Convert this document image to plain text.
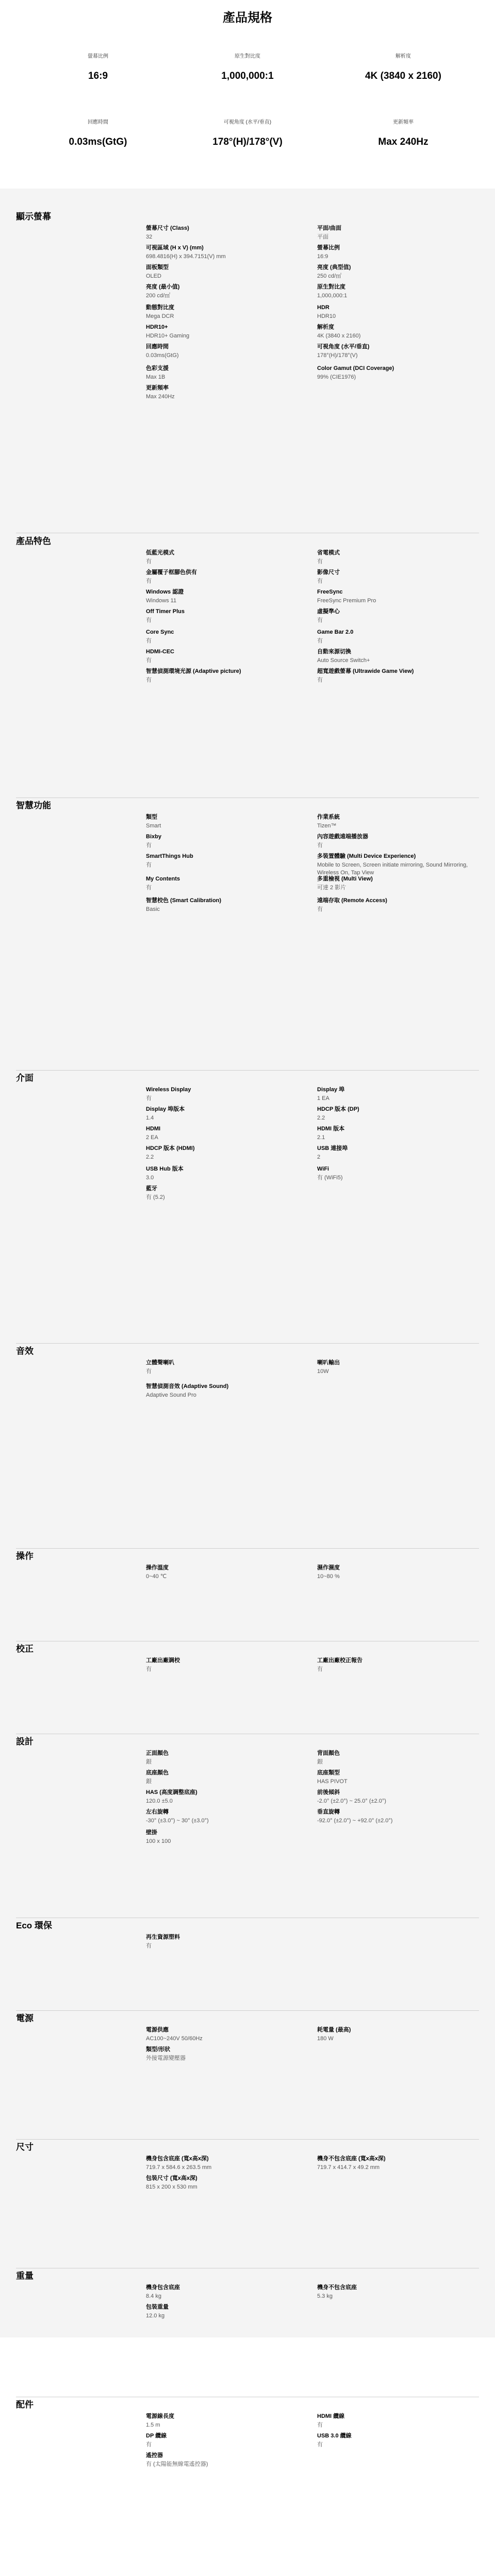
產品規格
螢幕比例
16:9
原生對比度
1,000,000:1
解析度
4K (3840 x 2160)
回應時間
0.03ms(GtG)
可視角度 (水平/垂直)
178°(H)/178°(V)
更新頻率
Max 240Hz
顯示螢幕
螢幕尺寸 (Class)
32
平面/曲面
平面
可視區域 (H x V) (mm)
698.4816(H) x 394.7151(V) mm
螢幕比例
16:9
面板類型
OLED
亮度 (典型值)
250 cd/㎡
亮度 (最小值)
200 cd/㎡
原生對比度
1,000,000:1
動態對比度
Mega DCR
HDR
HDR10
HDR10+
HDR10+ Gaming
解析度
4K (3840 x 2160)
回應時間
0.03ms(GtG)
可視角度 (水平/垂直)
178°(H)/178°(V)
色彩支援
Max 1B
Color Gamut (DCI Coverage)
99% (CIE1976)
更新頻率
Max 240Hz
產品特色
低藍光模式
有
省電模式
有
金屬覆子框腳色供有
有
影像尺寸
有
Windows 認證
Windows 11
FreeSync
FreeSync Premium Pro
Off Timer Plus
有
虛擬準心
有
Core Sync
有
Game Bar 2.0
有
HDMI-CEC
有
自動來源切換
Auto Source Switch+
智慧偵測環境光源 (Adaptive picture)
有
超寬遊戲螢幕 (Ultrawide Game View)
有
智慧功能
類型
Smart
作業系統
Tizen™
Bixby
有
內容遊戲遠端播放器
有
SmartThings Hub
有
多裝置體驗 (Multi Device Experience)
Mobile to Screen, Screen initiate mirroring, Sound Mirroring, Wireless On, Tap View
My Contents
有
多重檢視 (Multi View)
可達 2 影片
智慧校色 (Smart Calibration)
Basic
遠端存取 (Remote Access)
有
介面
Wireless Display
有
Display 埠
1 EA
Display 埠版本
1.4
HDCP 版本 (DP)
2.2
HDMI
2 EA
HDMI 版本
2.1
HDCP 版本 (HDMI)
2.2
USB 連接埠
2
USB Hub 版本
3.0
WiFi
有 (WiFi5)
藍牙
有 (5.2)
音效
立體聲喇叭
有
喇叭輸出
10W
智慧偵測音效 (Adaptive Sound)
Adaptive Sound Pro
操作
操作溫度
0~40 ℃
濕作濕度
10~80 %
校正
工廠出廠調校
有
工廠出廠校正報告
有
設計
正面顏色
銀
背面顏色
銀
底座顏色
銀
底座類型
HAS PIVOT
HAS (高度調整底座)
120.0 ±5.0
前後傾斜
-2.0° (±2.0°) ~ 25.0° (±2.0°)
左右旋轉
-30° (±3.0°) ~ 30° (±3.0°)
垂直旋轉
-92.0° (±2.0°) ~ +92.0° (±2.0°)
壁掛
100 x 100
Eco 環保
再生資源塑料
有
電源
電源供應
AC100~240V 50/60Hz
耗電量 (最高)
180 W
類型/形狀
外接電源變壓器
尺寸
機身包含底座 (寬x高x深)
719.7 x 584.6 x 263.5 mm
機身不包含底座 (寬x高x深)
719.7 x 414.7 x 49.2 mm
包裝尺寸 (寬x高x深)
815 x 200 x 530 mm
重量
機身包含底座
8.4 kg
機身不包含底座
5.3 kg
包裝重量
12.0 kg
配件
電源線長度
1.5 m
HDMI 纜線
有
DP 纜線
有
USB 3.0 纜線
有
遙控器
有 (太陽能無線電遙控器)
